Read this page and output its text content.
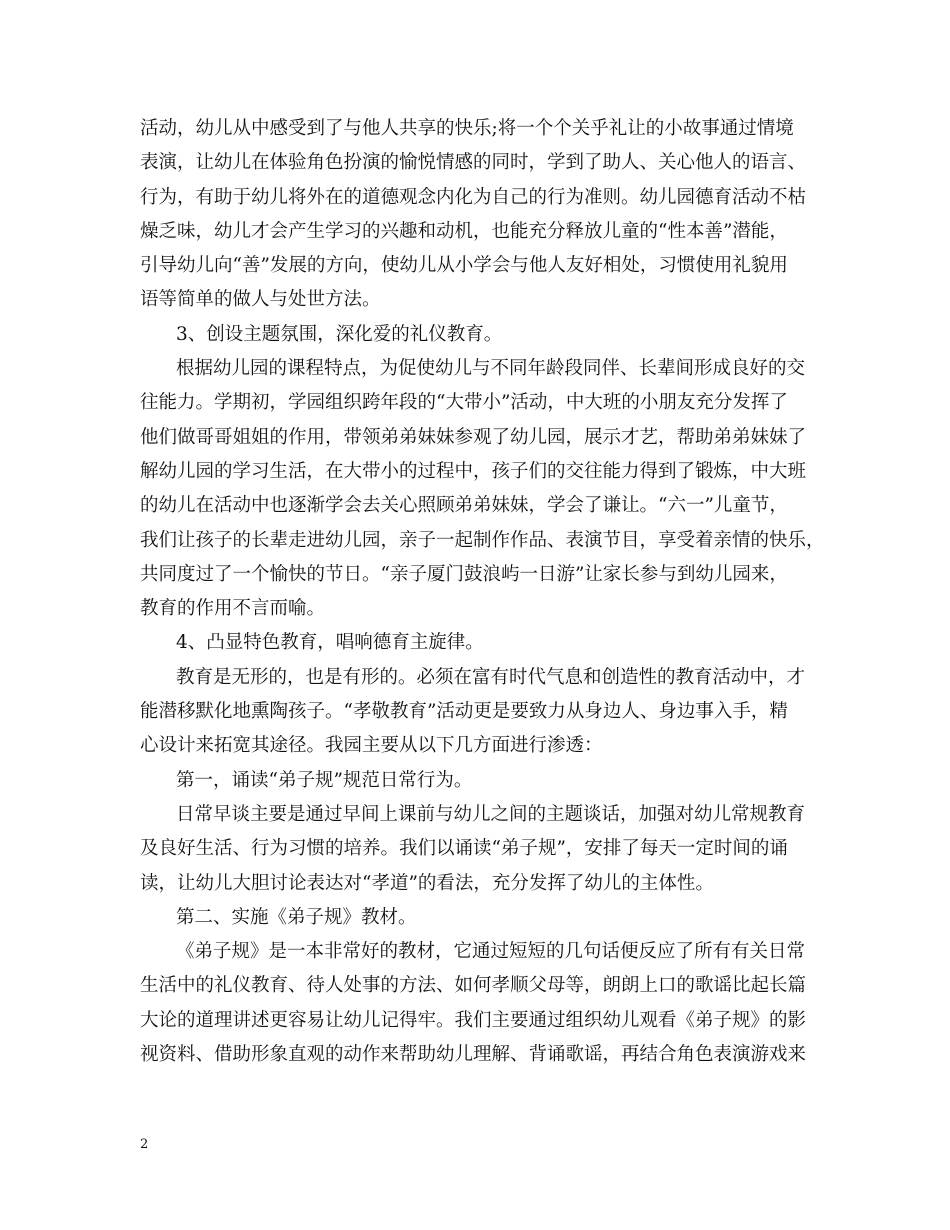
活动，幼儿从中感受到了与他人共享的快乐;将一个个关乎礼让的小故事通过情境
表演，让幼儿在体验角色扮演的愉悦情感的同时，学到了助人、关心他人的语言、
行为，有助于幼儿将外在的道德观念内化为自己的行为准则。幼儿园德育活动不枯
燥乏味，幼儿才会产生学习的兴趣和动机，也能充分释放儿童的“性本善”潜能，
引导幼儿向“善”发展的方向，使幼儿从小学会与他人友好相处，习惯使用礼貌用
语等简单的做人与处世方法。
3、创设主题氛围，深化爱的礼仪教育。
根据幼儿园的课程特点，为促使幼儿与不同年龄段同伴、长辈间形成良好的交
往能力。学期初，学园组织跨年段的“大带小”活动，中大班的小朋友充分发挥了
他们做哥哥姐姐的作用，带领弟弟妹妹参观了幼儿园，展示才艺，帮助弟弟妹妹了
解幼儿园的学习生活，在大带小的过程中，孩子们的交往能力得到了锻炼，中大班
的幼儿在活动中也逐渐学会去关心照顾弟弟妹妹，学会了谦让。“六一”儿童节，
我们让孩子的长辈走进幼儿园，亲子一起制作作品、表演节目，享受着亲情的快乐，
共同度过了一个愉快的节日。“亲子厦门鼓浪屿一日游”让家长参与到幼儿园来，
教育的作用不言而喻。
4、凸显特色教育，唱响德育主旋律。
教育是无形的，也是有形的。必须在富有时代气息和创造性的教育活动中，才
能潜移默化地熏陶孩子。“孝敬教育”活动更是要致力从身边人、身边事入手，精
心设计来拓宽其途径。我园主要从以下几方面进行渗透：
第一，诵读“弟子规”规范日常行为。
日常早谈主要是通过早间上课前与幼儿之间的主题谈话，加强对幼儿常规教育
及良好生活、行为习惯的培养。我们以诵读“弟子规”，安排了每天一定时间的诵
读，让幼儿大胆讨论表达对“孝道”的看法，充分发挥了幼儿的主体性。
第二、实施《弟子规》教材。
《弟子规》是一本非常好的教材，它通过短短的几句话便反应了所有有关日常
生活中的礼仪教育、待人处事的方法、如何孝顺父母等，朗朗上口的歌谣比起长篇
大论的道理讲述更容易让幼儿记得牢。我们主要通过组织幼儿观看《弟子规》的影
视资料、借助形象直观的动作来帮助幼儿理解、背诵歌谣，再结合角色表演游戏来
2
